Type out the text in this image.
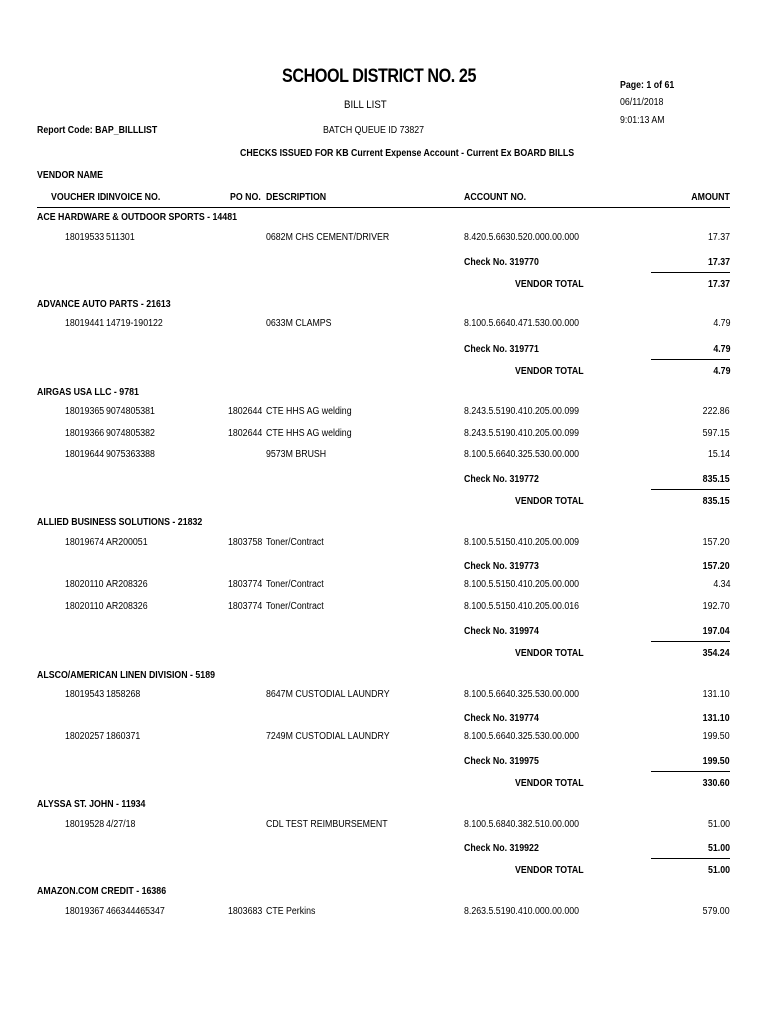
SCHOOL DISTRICT NO. 25
BILL LIST
Page: 1 of 61
06/11/2018
9:01:13 AM
Report Code: BAP_BILLLIST	BATCH QUEUE ID 73827
CHECKS ISSUED FOR KB Current Expense Account - Current Ex BOARD BILLS
VENDOR NAME
VOUCHER ID INVOICE NO.	PO NO. DESCRIPTION	ACCOUNT NO.	AMOUNT
ACE HARDWARE & OUTDOOR SPORTS - 14481
18019533 511301	0682M CHS CEMENT/DRIVER	8.420.5.6630.520.000.00.000	17.37
Check No. 319770	17.37
VENDOR TOTAL	17.37
ADVANCE AUTO PARTS - 21613
18019441 14719-190122	0633M CLAMPS	8.100.5.6640.471.530.00.000	4.79
Check No. 319771	4.79
VENDOR TOTAL	4.79
AIRGAS USA LLC - 9781
18019365 9074805381	1802644 CTE HHS AG welding	8.243.5.5190.410.205.00.099	222.86
18019366 9074805382	1802644 CTE HHS AG welding	8.243.5.5190.410.205.00.099	597.15
18019644 9075363388	9573M BRUSH	8.100.5.6640.325.530.00.000	15.14
Check No. 319772	835.15
VENDOR TOTAL	835.15
ALLIED BUSINESS SOLUTIONS - 21832
18019674 AR200051	1803758 Toner/Contract	8.100.5.5150.410.205.00.009	157.20
Check No. 319773	157.20
18020110 AR208326	1803774 Toner/Contract	8.100.5.5150.410.205.00.000	4.34
18020110 AR208326	1803774 Toner/Contract	8.100.5.5150.410.205.00.016	192.70
Check No. 319974	197.04
VENDOR TOTAL	354.24
ALSCO/AMERICAN LINEN DIVISION - 5189
18019543 1858268	8647M CUSTODIAL LAUNDRY	8.100.5.6640.325.530.00.000	131.10
Check No. 319774	131.10
18020257 1860371	7249M CUSTODIAL LAUNDRY	8.100.5.6640.325.530.00.000	199.50
Check No. 319975	199.50
VENDOR TOTAL	330.60
ALYSSA ST. JOHN - 11934
18019528 4/27/18	CDL TEST REIMBURSEMENT	8.100.5.6840.382.510.00.000	51.00
Check No. 319922	51.00
VENDOR TOTAL	51.00
AMAZON.COM CREDIT - 16386
18019367 466344465347	1803683 CTE Perkins	8.263.5.5190.410.000.00.000	579.00
